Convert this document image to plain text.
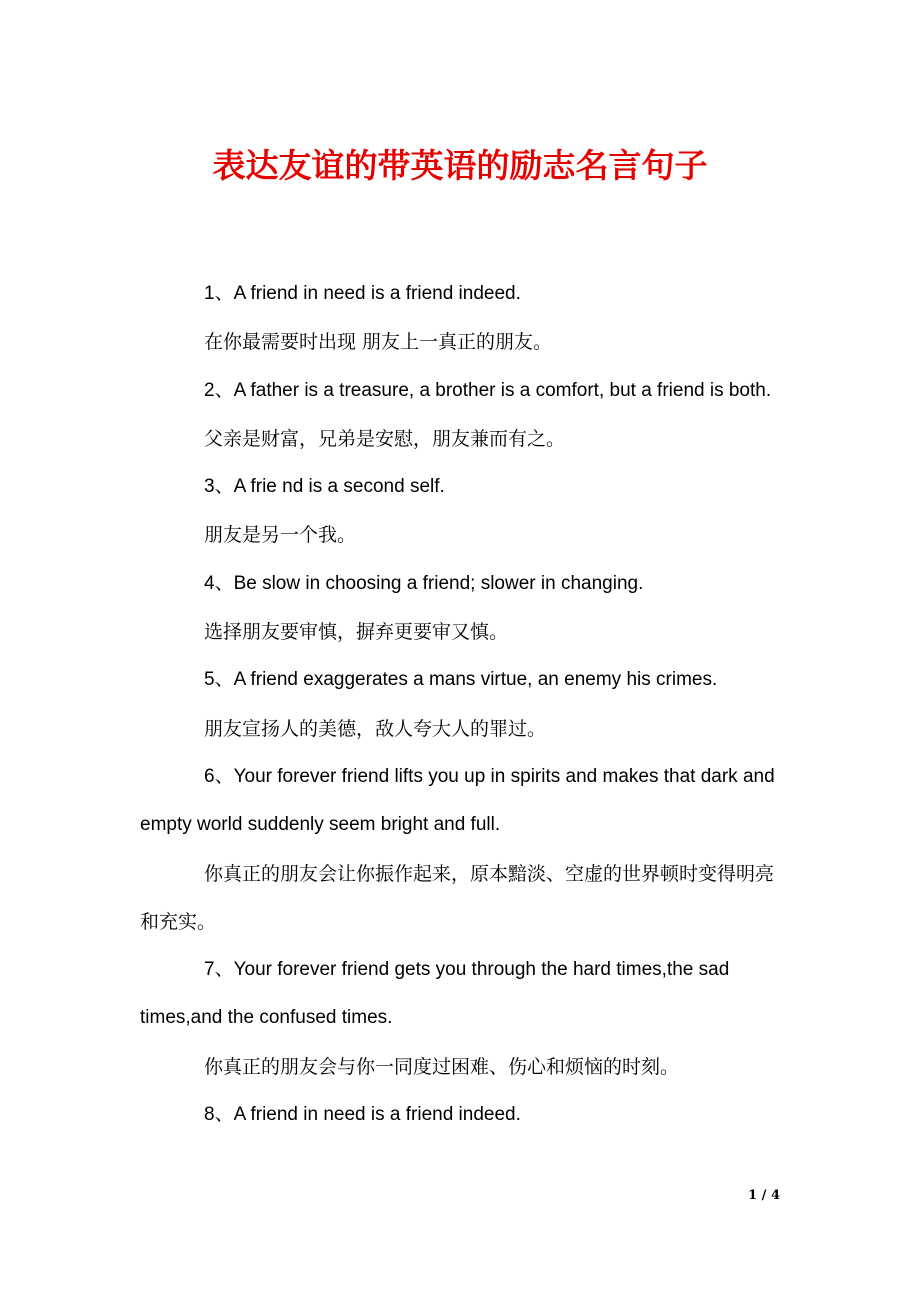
表达友谊的带英语的励志名言句子

1、A friend in need is a friend indeed.

在你最需要时出现 朋友上一真正的朋友。

2、A father is a treasure, a brother is a comfort, but a friend is both.

父亲是财富，兄弟是安慰，朋友兼而有之。

3、A frie nd is a second self.

朋友是另一个我。

4、Be slow in choosing a friend; slower in changing.

选择朋友要审慎，摒弃更要审又慎。

5、A friend exaggerates a mans virtue, an enemy his crimes.

朋友宣扬人的美德，敌人夸大人的罪过。

6、Your forever friend lifts you up in spirits and makes that dark and empty world suddenly seem bright and full.

你真正的朋友会让你振作起来，原本黯淡、空虚的世界顿时变得明亮和充实。

7、Your forever friend gets you through the hard times,the sad times,and the confused times.

你真正的朋友会与你一同度过困难、伤心和烦恼的时刻。

8、A friend in need is a friend indeed.

1 / 4
